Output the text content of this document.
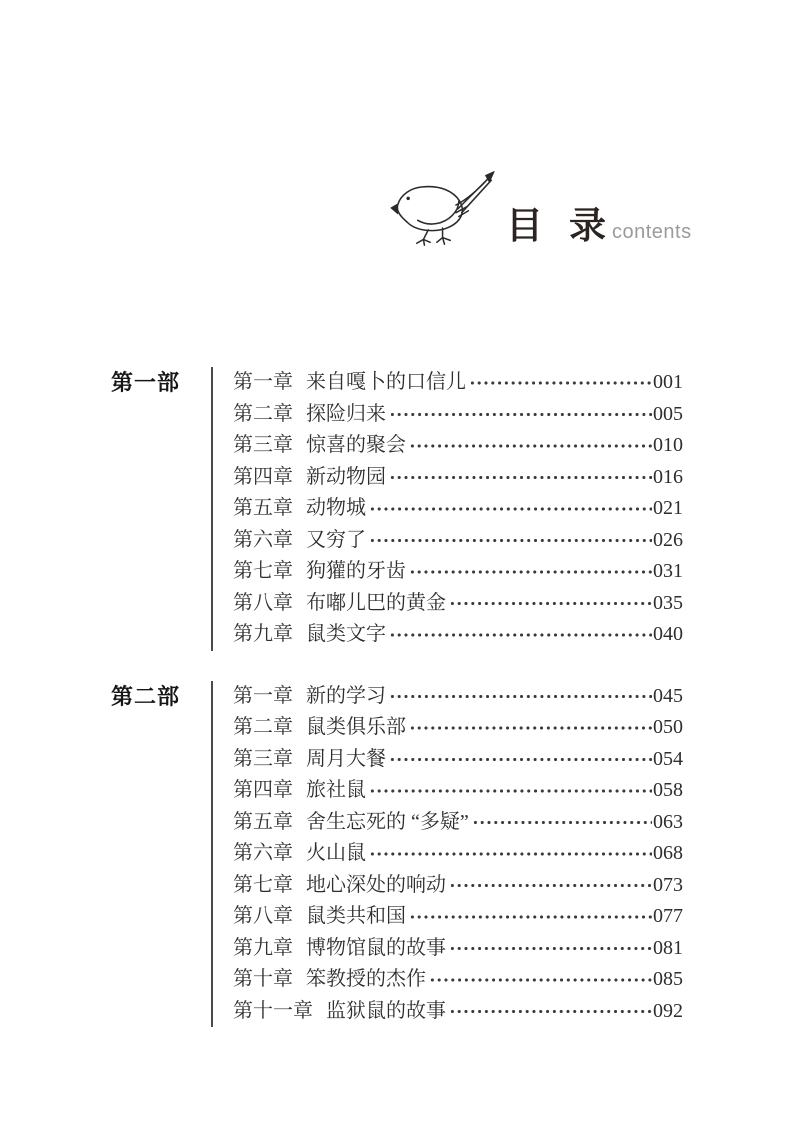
目 录 contents
第一部	第一章 来自嘎卜的口信儿	001
第二章 探险归来	005
第三章 惊喜的聚会	010
第四章 新动物园	016
第五章 动物城	021
第六章 又穷了	026
第七章 狗獾的牙齿	031
第八章 布嘟儿巴的黄金	035
第九章 鼠类文字	040
第二部	第一章 新的学习	045
第二章 鼠类俱乐部	050
第三章 周月大餐	054
第四章 旅社鼠	058
第五章 舍生忘死的 “多疑”	063
第六章 火山鼠	068
第七章 地心深处的响动	073
第八章 鼠类共和国	077
第九章 博物馆鼠的故事	081
第十章 笨教授的杰作	085
第十一章 监狱鼠的故事	092
